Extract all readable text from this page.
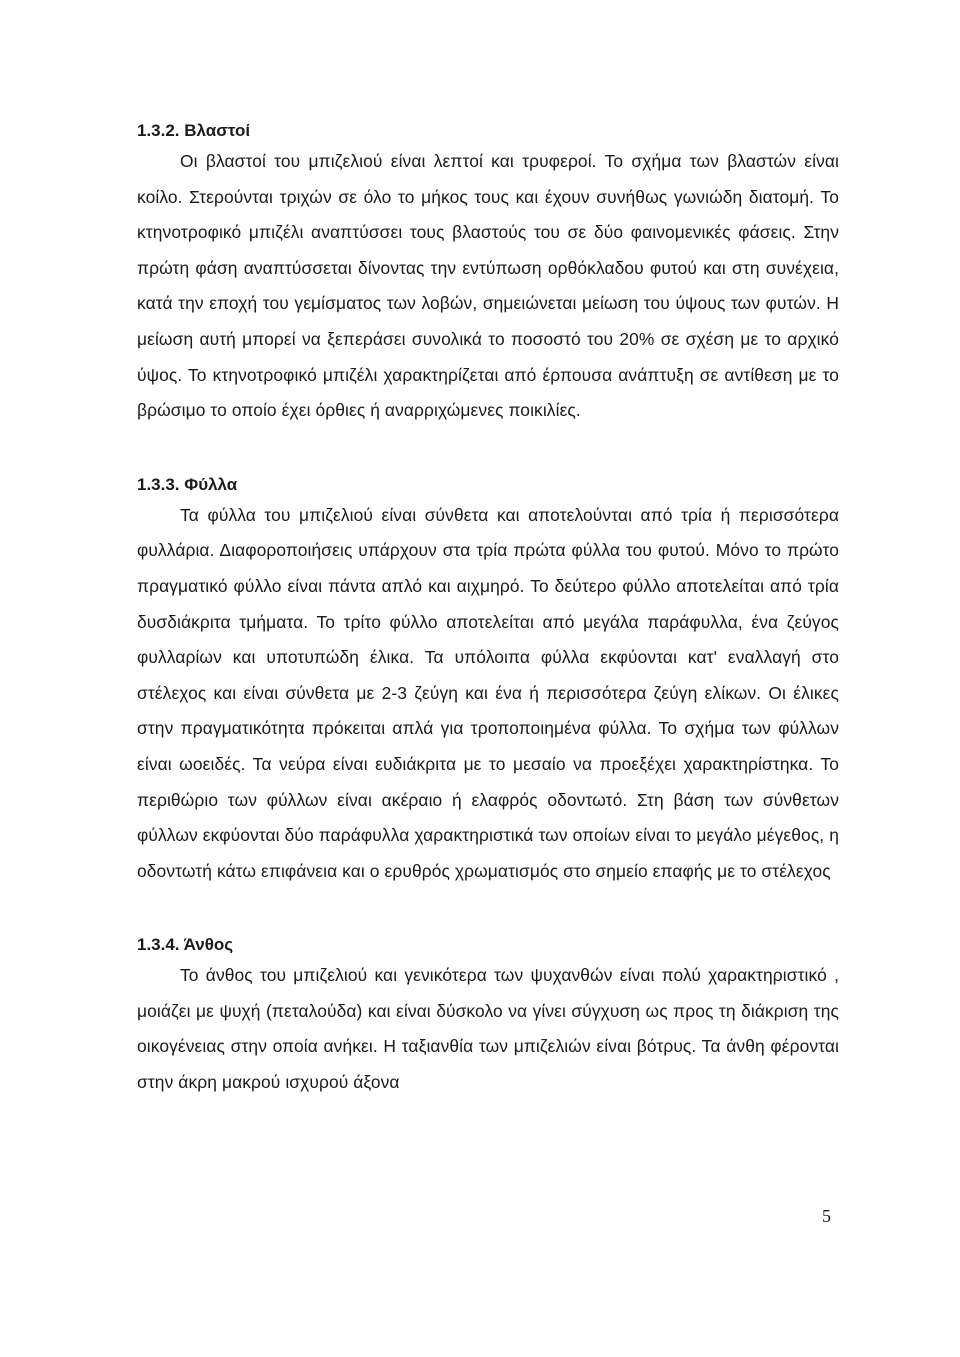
1.3.2. Βλαστοί

Οι βλαστοί του μπιζελιού είναι λεπτοί και τρυφεροί. Το σχήμα των βλαστών είναι κοίλο. Στερούνται τριχών σε όλο το μήκος τους και έχουν συνήθως γωνιώδη διατομή. Το κτηνοτροφικό μπιζέλι αναπτύσσει τους βλαστούς του σε δύο φαινομενικές φάσεις. Στην πρώτη φάση αναπτύσσεται δίνοντας την εντύπωση ορθόκλαδου φυτού και στη συνέχεια, κατά την εποχή του γεμίσματος των λοβών, σημειώνεται μείωση του ύψους των φυτών. Η μείωση αυτή μπορεί να ξεπεράσει συνολικά το ποσοστό του 20% σε σχέση με το αρχικό ύψος. Το κτηνοτροφικό μπιζέλι χαρακτηρίζεται από έρπουσα ανάπτυξη σε αντίθεση με το βρώσιμο το οποίο έχει όρθιες ή αναρριχώμενες ποικιλίες.

1.3.3. Φύλλα

Τα φύλλα του μπιζελιού είναι σύνθετα και αποτελούνται από τρία ή περισσότερα φυλλάρια. Διαφοροποιήσεις υπάρχουν στα τρία πρώτα φύλλα του φυτού. Μόνο το πρώτο πραγματικό φύλλο είναι πάντα απλό και αιχμηρό. Το δεύτερο φύλλο αποτελείται από τρία δυσδιάκριτα τμήματα. Το τρίτο φύλλο αποτελείται από μεγάλα παράφυλλα, ένα ζεύγος φυλλαρίων και υποτυπώδη έλικα. Τα υπόλοιπα φύλλα εκφύονται κατ' εναλλαγή στο στέλεχος και είναι σύνθετα με 2-3 ζεύγη και ένα ή περισσότερα ζεύγη ελίκων. Οι έλικες στην πραγματικότητα πρόκειται απλά για τροποποιημένα φύλλα. Το σχήμα των φύλλων είναι ωοειδές. Τα νεύρα είναι ευδιάκριτα με το μεσαίο να προεξέχει χαρακτηρίστηκα. Το περιθώριο των φύλλων είναι ακέραιο ή ελαφρός οδοντωτό. Στη βάση των σύνθετων φύλλων εκφύονται δύο παράφυλλα χαρακτηριστικά των οποίων είναι το μεγάλο μέγεθος, η οδοντωτή κάτω επιφάνεια και ο ερυθρός χρωματισμός στο σημείο επαφής με το στέλεχος

1.3.4. Άνθος

Το άνθος του μπιζελιού και γενικότερα των ψυχανθών είναι πολύ χαρακτηριστικό , μοιάζει με ψυχή (πεταλούδα) και είναι δύσκολο να γίνει σύγχυση ως προς τη διάκριση της οικογένειας στην οποία ανήκει. Η ταξιανθία των μπιζελιών είναι βότρυς. Τα άνθη φέρονται στην άκρη μακρού ισχυρού άξονα

5
